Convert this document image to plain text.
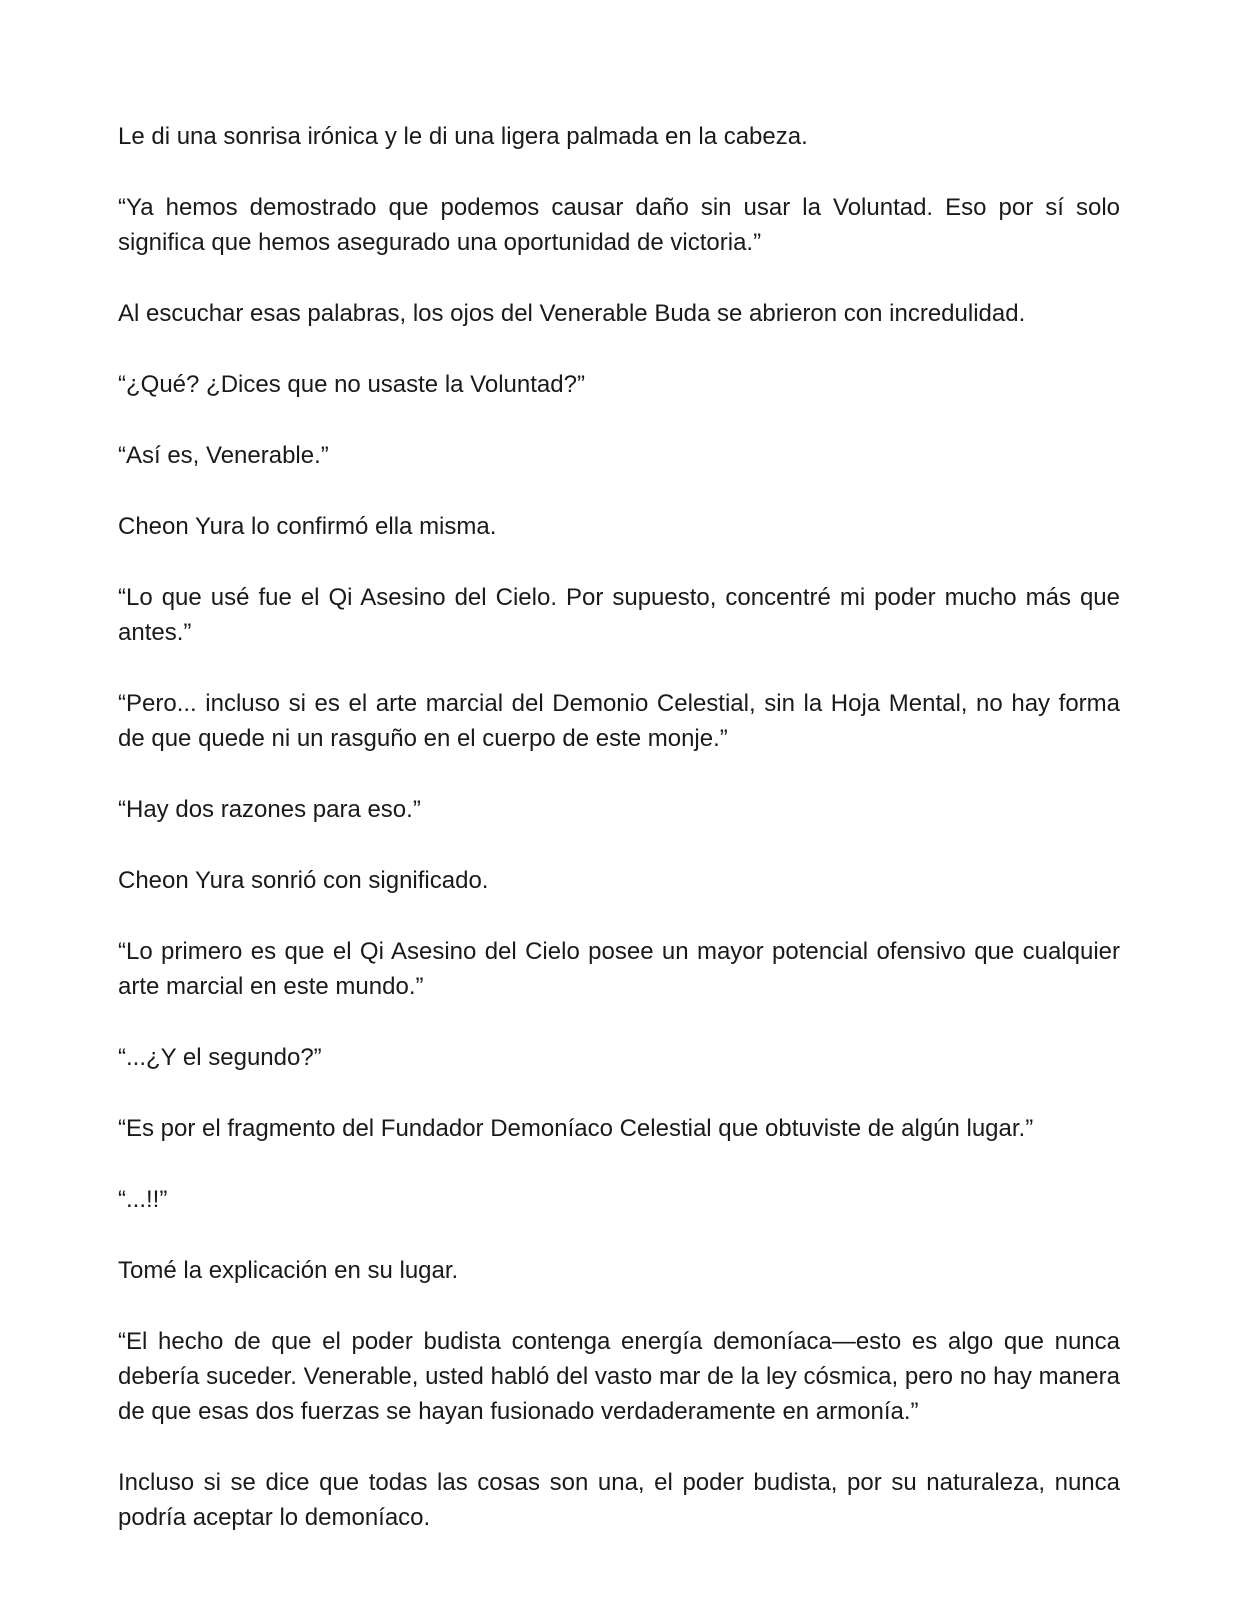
Le di una sonrisa irónica y le di una ligera palmada en la cabeza.

“Ya hemos demostrado que podemos causar daño sin usar la Voluntad. Eso por sí solo significa que hemos asegurado una oportunidad de victoria.”

Al escuchar esas palabras, los ojos del Venerable Buda se abrieron con incredulidad.

“¿Qué? ¿Dices que no usaste la Voluntad?”

“Así es, Venerable.”

Cheon Yura lo confirmó ella misma.

“Lo que usé fue el Qi Asesino del Cielo. Por supuesto, concentré mi poder mucho más que antes.”

“Pero... incluso si es el arte marcial del Demonio Celestial, sin la Hoja Mental, no hay forma de que quede ni un rasguño en el cuerpo de este monje.”

“Hay dos razones para eso.”

Cheon Yura sonrió con significado.

“Lo primero es que el Qi Asesino del Cielo posee un mayor potencial ofensivo que cualquier arte marcial en este mundo.”

“...¿Y el segundo?”

“Es por el fragmento del Fundador Demoníaco Celestial que obtuviste de algún lugar.”

“...!!”

Tomé la explicación en su lugar.

“El hecho de que el poder budista contenga energía demoníaca—esto es algo que nunca debería suceder. Venerable, usted habló del vasto mar de la ley cósmica, pero no hay manera de que esas dos fuerzas se hayan fusionado verdaderamente en armonía.”

Incluso si se dice que todas las cosas son una, el poder budista, por su naturaleza, nunca podría aceptar lo demoníaco.
